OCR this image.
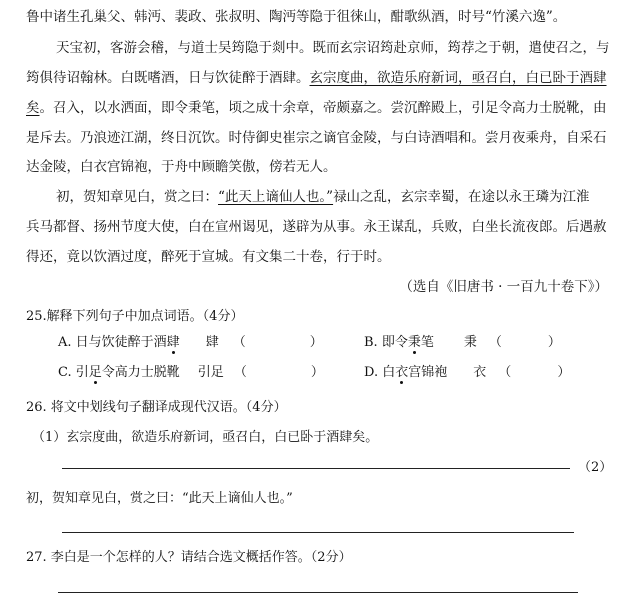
鲁中诸生孔巢父、韩沔、裴政、张叔明、陶沔等隐于徂徕山，酣歌纵酒，时号“竹溪六逸”。
天宝初，客游会稽，与道士吴筠隐于剡中。既而玄宗诏筠赴京师，筠荐之于朝，遣使召之，与
筠俱待诏翰林。白既嗜酒，日与饮徒醉于酒肆。玄宗度曲，欲造乐府新词，亟召白，白已卧于酒肆
矣。召入，以水洒面，即令秉笔，顷之成十余章，帝颇嘉之。尝沉醉殿上，引足令高力士脱靴，由
是斥去。乃浪迹江湖，终日沉饮。时侍御史崔宗之谪官金陵，与白诗酒唱和。尝月夜乘舟，自采石
达金陵，白衣宫锦袍，于舟中顾瞻笑傲，傍若无人。
初，贺知章见白，赏之曰：“此天上谪仙人也。”禄山之乱，玄宗幸蜀，在途以永王璘为江淮
兵马都督、扬州节度大使，白在宣州谒见，遂辟为从事。永王谋乱，兵败，白坐长流夜郎。后遇赦
得还，竟以饮酒过度，醉死于宣城。有文集二十卷，行于时。
（选自《旧唐书 · 一百九十卷下》）
25.解释下列句子中加点词语。（4分）
A. 日与饮徒醉于酒肆 肆 （	）	B. 即令秉笔 秉 （	）
C. 引足令高力士脱靴 引足 （	）	D. 白衣宫锦袍 衣 （	）
26. 将文中划线句子翻译成现代汉语。（4分）
（1）玄宗度曲，欲造乐府新词，亟召白，白已卧于酒肆矣。
（2）
初，贺知章见白，赏之曰：“此天上谪仙人也。”
27. 李白是一个怎样的人？请结合选文概括作答。（2分）
